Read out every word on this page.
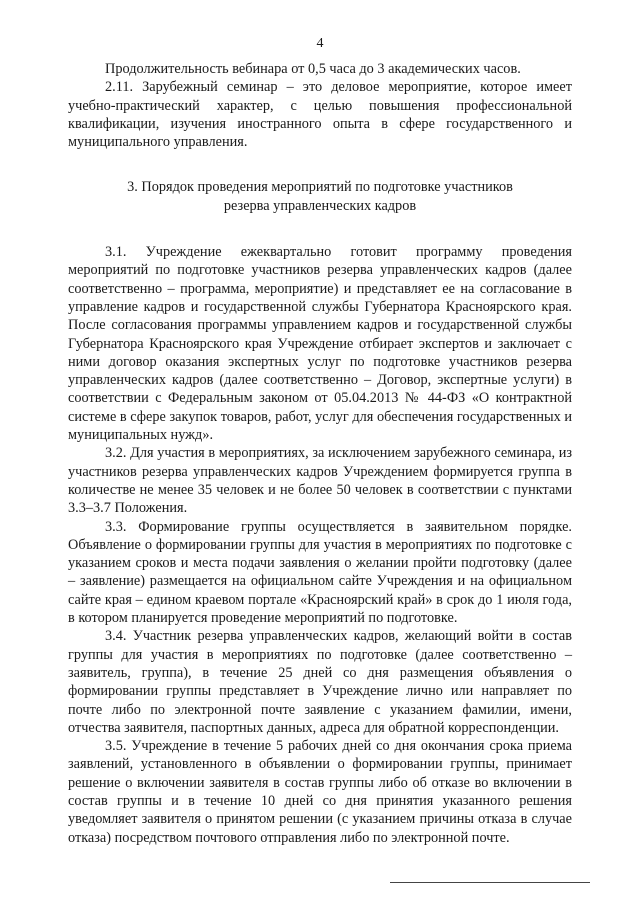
4

Продолжительность вебинара от 0,5 часа до 3 академических часов.

2.11. Зарубежный семинар – это деловое мероприятие, которое имеет учебно-практический характер, с целью повышения профессиональной квалификации, изучения иностранного опыта в сфере государственного и муниципального управления.

3. Порядок проведения мероприятий по подготовке участников
резерва управленческих кадров

3.1. Учреждение ежеквартально готовит программу проведения мероприятий по подготовке участников резерва управленческих кадров (далее соответственно – программа, мероприятие) и представляет ее на согласование в управление кадров и государственной службы Губернатора Красноярского края. После согласования программы управлением кадров и государственной службы Губернатора Красноярского края Учреждение отбирает экспертов и заключает с ними договор оказания экспертных услуг по подготовке участников резерва управленческих кадров (далее соответственно – Договор, экспертные услуги) в соответствии с Федеральным законом от 05.04.2013 № 44-ФЗ «О контрактной системе в сфере закупок товаров, работ, услуг для обеспечения государственных и муниципальных нужд».

3.2. Для участия в мероприятиях, за исключением зарубежного семинара, из участников резерва управленческих кадров Учреждением формируется группа в количестве не менее 35 человек и не более 50 человек в соответствии с пунктами 3.3–3.7 Положения.

3.3. Формирование группы осуществляется в заявительном порядке. Объявление о формировании группы для участия в мероприятиях по подготовке с указанием сроков и места подачи заявления о желании пройти подготовку (далее – заявление) размещается на официальном сайте Учреждения и на официальном сайте края – едином краевом портале «Красноярский край» в срок до 1 июля года, в котором планируется проведение мероприятий по подготовке.

3.4. Участник резерва управленческих кадров, желающий войти в состав группы для участия в мероприятиях по подготовке (далее соответственно – заявитель, группа), в течение 25 дней со дня размещения объявления о формировании группы представляет в Учреждение лично или направляет по почте либо по электронной почте заявление с указанием фамилии, имени, отчества заявителя, паспортных данных, адреса для обратной корреспонденции.

3.5. Учреждение в течение 5 рабочих дней со дня окончания срока приема заявлений, установленного в объявлении о формировании группы, принимает решение о включении заявителя в состав группы либо об отказе во включении в состав группы и в течение 10 дней со дня принятия указанного решения уведомляет заявителя о принятом решении (с указанием причины отказа в случае отказа) посредством почтового отправления либо по электронной почте.
